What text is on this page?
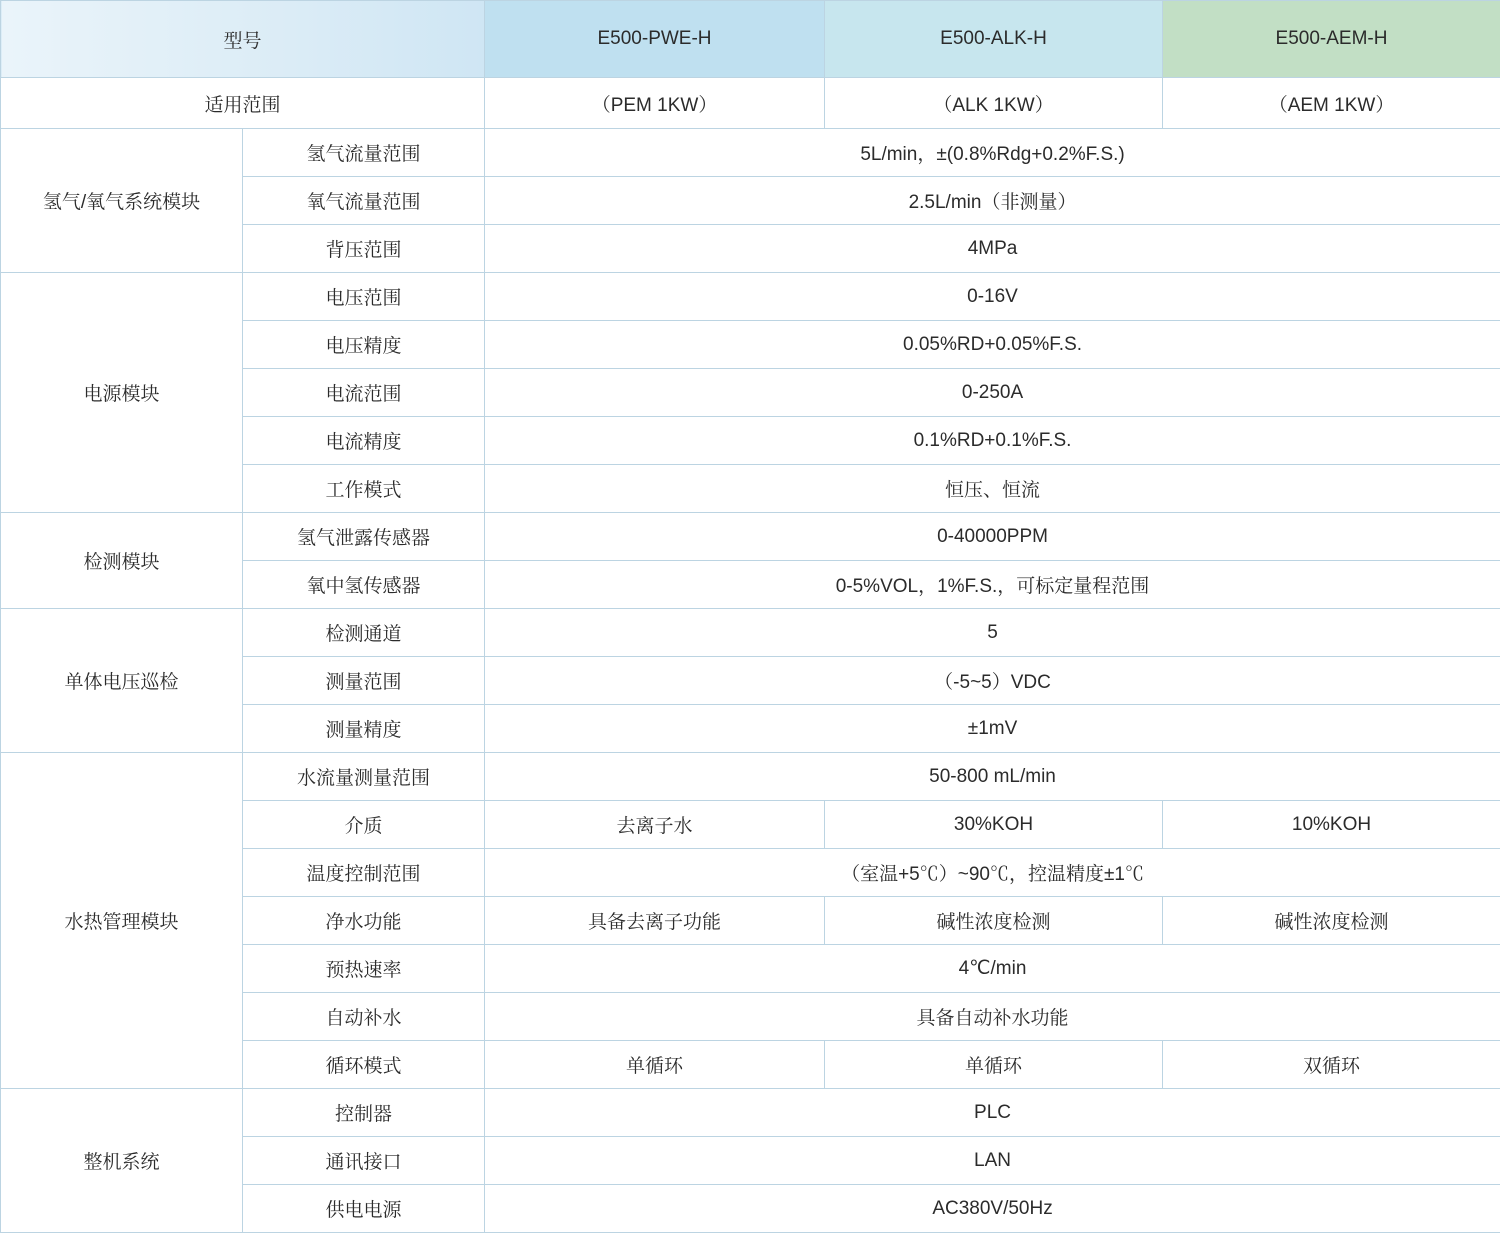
型号		E500-PWE-H	E500-ALK-H	E500-AEM-H
适用范围		（PEM 1KW）	（ALK 1KW）	（AEM 1KW）
氢气/氧气系统模块	氢气流量范围	5L/min，±(0.8%Rdg+0.2%F.S.)		
	氧气流量范围	2.5L/min（非测量）		
	背压范围	4MPa		
电源模块	电压范围	0-16V		
	电压精度	0.05%RD+0.05%F.S.		
	电流范围	0-250A		
	电流精度	0.1%RD+0.1%F.S.		
	工作模式	恒压、恒流		
检测模块	氢气泄露传感器	0-40000PPM		
	氧中氢传感器	0-5%VOL，1%F.S.，可标定量程范围		
单体电压巡检	检测通道	5		
	测量范围	（-5~5）VDC		
	测量精度	±1mV		
水热管理模块	水流量测量范围	50-800 mL/min		
	介质	去离子水	30%KOH	10%KOH
	温度控制范围	（室温+5℃）~90℃，控温精度±1℃		
	净水功能	具备去离子功能	碱性浓度检测	碱性浓度检测
	预热速率	4℃/min		
	自动补水	具备自动补水功能		
	循环模式	单循环	单循环	双循环
整机系统	控制器	PLC		
	通讯接口	LAN		
	供电电源	AC380V/50Hz		
